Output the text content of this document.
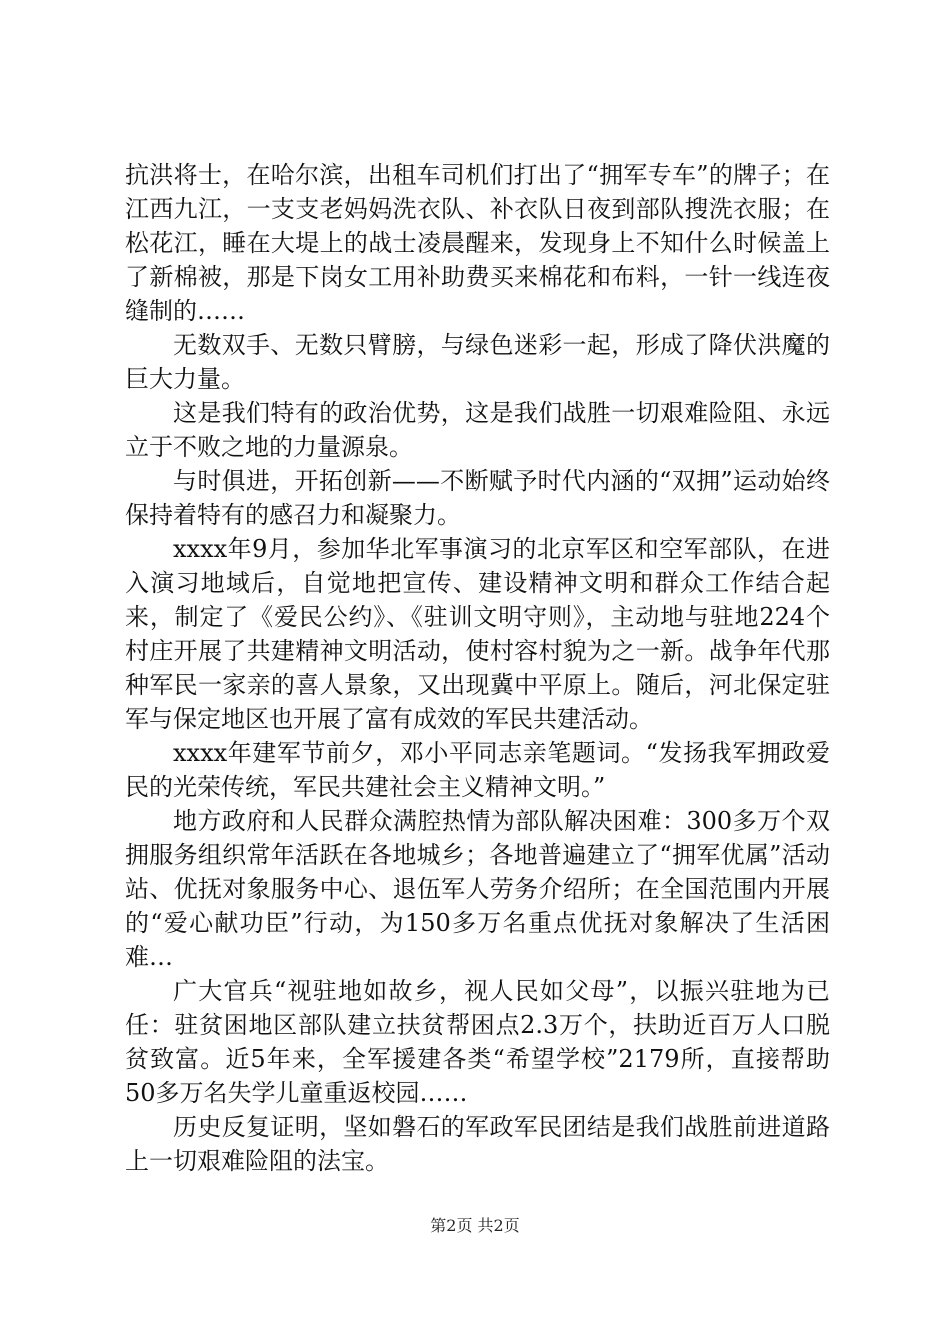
抗洪将士，在哈尔滨，出租车司机们打出了“拥军专车”的牌子；在江西九江，一支支老妈妈洗衣队、补衣队日夜到部队搜洗衣服；在松花江，睡在大堤上的战士凌晨醒来，发现身上不知什么时候盖上了新棉被，那是下岗女工用补助费买来棉花和布料，一针一线连夜缝制的……

无数双手、无数只臂膀，与绿色迷彩一起，形成了降伏洪魔的巨大力量。

这是我们特有的政治优势，这是我们战胜一切艰难险阻、永远立于不败之地的力量源泉。

与时俱进，开拓创新——不断赋予时代内涵的“双拥”运动始终保持着特有的感召力和凝聚力。

xxxx年9月，参加华北军事演习的北京军区和空军部队，在进入演习地域后，自觉地把宣传、建设精神文明和群众工作结合起来，制定了《爱民公约》、《驻训文明守则》，主动地与驻地224个村庄开展了共建精神文明活动，使村容村貌为之一新。战争年代那种军民一家亲的喜人景象，又出现冀中平原上。随后，河北保定驻军与保定地区也开展了富有成效的军民共建活动。

xxxx年建军节前夕，邓小平同志亲笔题词。“发扬我军拥政爱民的光荣传统，军民共建社会主义精神文明。”

地方政府和人民群众满腔热情为部队解决困难：300多万个双拥服务组织常年活跃在各地城乡；各地普遍建立了“拥军优属”活动站、优抚对象服务中心、退伍军人劳务介绍所；在全国范围内开展的“爱心献功臣”行动，为150多万名重点优抚对象解决了生活困难…

广大官兵“视驻地如故乡，视人民如父母”，以振兴驻地为已任：驻贫困地区部队建立扶贫帮困点2.3万个，扶助近百万人口脱贫致富。近5年来，全军援建各类“希望学校”2179所，直接帮助50多万名失学儿童重返校园……

历史反复证明，坚如磐石的军政军民团结是我们战胜前进道路上一切艰难险阻的法宝。

第2页 共2页
